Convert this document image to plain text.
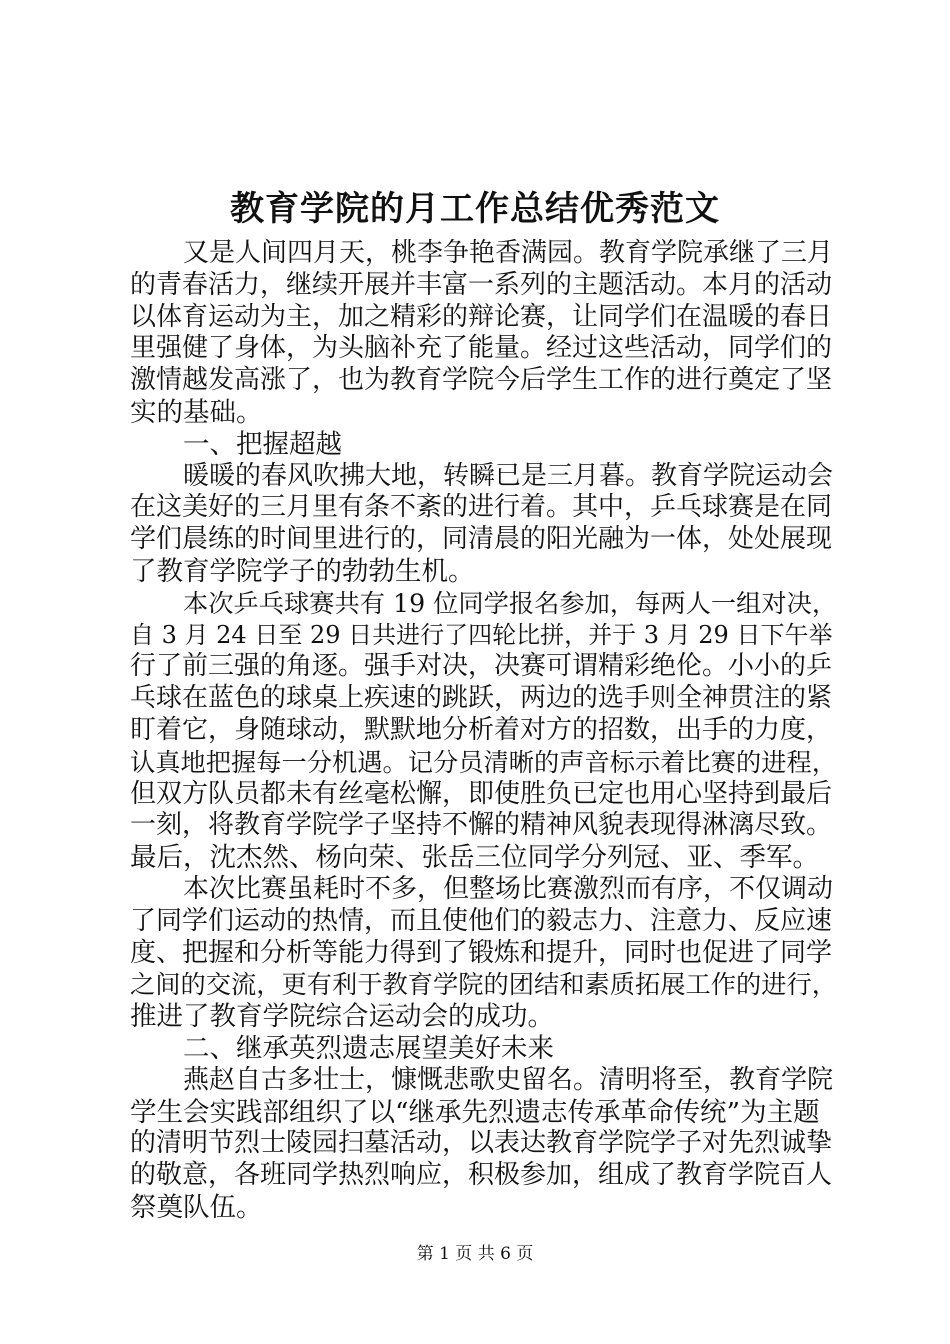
教育学院的月工作总结优秀范文
又是人间四月天，桃李争艳香满园。教育学院承继了三月
的青春活力，继续开展并丰富一系列的主题活动。本月的活动
以体育运动为主，加之精彩的辩论赛，让同学们在温暖的春日
里强健了身体，为头脑补充了能量。经过这些活动，同学们的
激情越发高涨了，也为教育学院今后学生工作的进行奠定了坚
实的基础。
一、把握超越
暖暖的春风吹拂大地，转瞬已是三月暮。教育学院运动会
在这美好的三月里有条不紊的进行着。其中，乒乓球赛是在同
学们晨练的时间里进行的，同清晨的阳光融为一体，处处展现
了教育学院学子的勃勃生机。
本次乒乓球赛共有 19 位同学报名参加，每两人一组对决，
自 3 月 24 日至 29 日共进行了四轮比拼，并于 3 月 29 日下午举
行了前三强的角逐。强手对决，决赛可谓精彩绝伦。小小的乒
乓球在蓝色的球桌上疾速的跳跃，两边的选手则全神贯注的紧
盯着它，身随球动，默默地分析着对方的招数，出手的力度，
认真地把握每一分机遇。记分员清晰的声音标示着比赛的进程，
但双方队员都未有丝毫松懈，即使胜负已定也用心坚持到最后
一刻，将教育学院学子坚持不懈的精神风貌表现得淋漓尽致。
最后，沈杰然、杨向荣、张岳三位同学分列冠、亚、季军。
本次比赛虽耗时不多，但整场比赛激烈而有序，不仅调动
了同学们运动的热情，而且使他们的毅志力、注意力、反应速
度、把握和分析等能力得到了锻炼和提升，同时也促进了同学
之间的交流，更有利于教育学院的团结和素质拓展工作的进行，
推进了教育学院综合运动会的成功。
二、继承英烈遗志展望美好未来
燕赵自古多壮士，慷慨悲歌史留名。清明将至，教育学院
学生会实践部组织了以“继承先烈遗志传承革命传统”为主题
的清明节烈士陵园扫墓活动，以表达教育学院学子对先烈诚挚
的敬意，各班同学热烈响应，积极参加，组成了教育学院百人
祭奠队伍。
第 1 页 共 6 页
